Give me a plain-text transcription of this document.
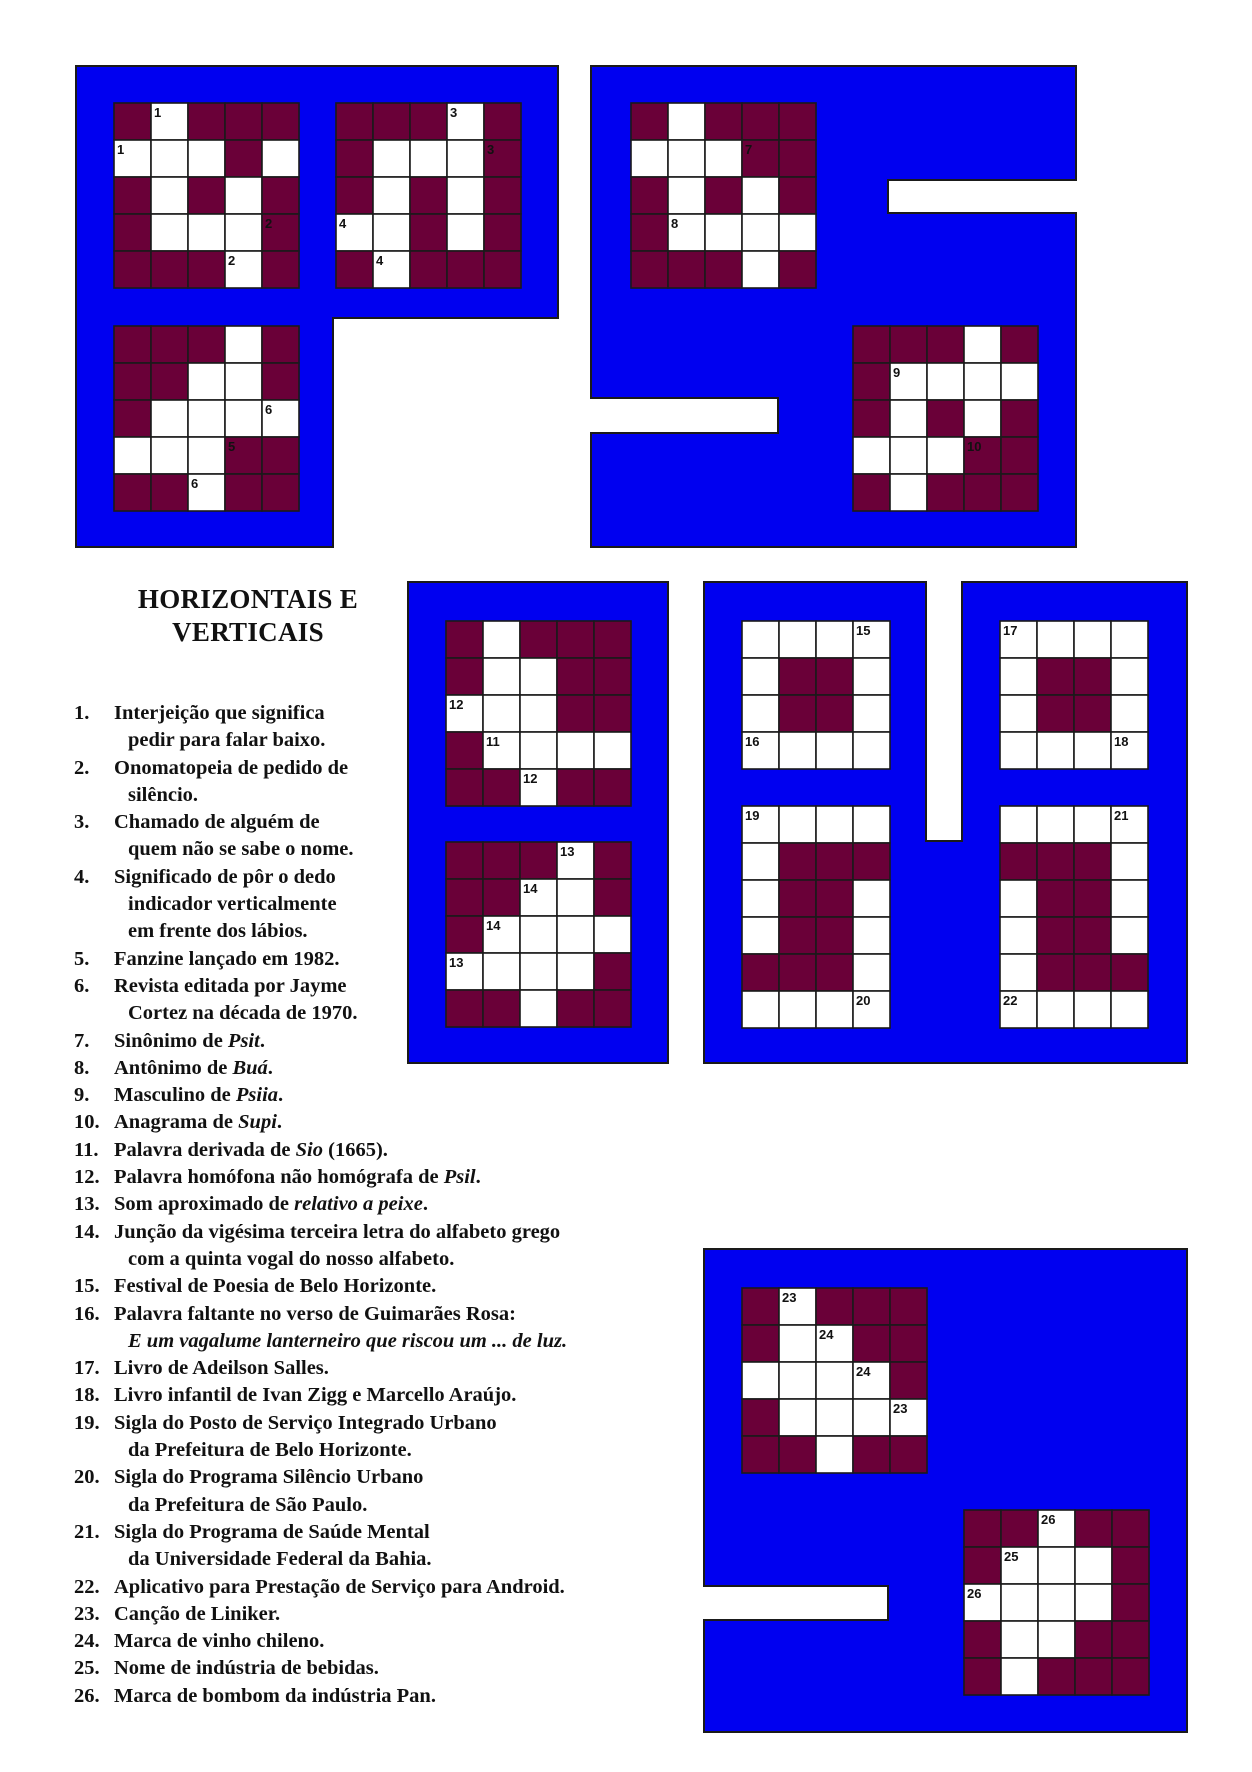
1
1
2
2
3
3
4
4
6
5
6
7
8
9
10
12
11
12
13
14
14
13
15
16
17
18
19
20
21
22
23
24
24
23
26
25
26
HORIZONTAIS E
VERTICAIS
1. Interjeição que significa
pedir para falar baixo.
2. Onomatopeia de pedido de
silêncio.
3. Chamado de alguém de
quem não se sabe o nome.
4. Significado de pôr o dedo
indicador verticalmente
em frente dos lábios.
5. Fanzine lançado em 1982.
6. Revista editada por Jayme
Cortez na década de 1970.
7. Sinônimo de Psit.
8. Antônimo de Buá.
9. Masculino de Psiia.
10. Anagrama de Supi.
11. Palavra derivada de Sio (1665).
12. Palavra homófona não homógrafa de Psil.
13. Som aproximado de relativo a peixe.
14. Junção da vigésima terceira letra do alfabeto grego
com a quinta vogal do nosso alfabeto.
15. Festival de Poesia de Belo Horizonte.
16. Palavra faltante no verso de Guimarães Rosa:
E um vagalume lanterneiro que riscou um ... de luz.
17. Livro de Adeilson Salles.
18. Livro infantil de Ivan Zigg e Marcello Araújo.
19. Sigla do Posto de Serviço Integrado Urbano
da Prefeitura de Belo Horizonte.
20. Sigla do Programa Silêncio Urbano
da Prefeitura de São Paulo.
21. Sigla do Programa de Saúde Mental
da Universidade Federal da Bahia.
22. Aplicativo para Prestação de Serviço para Android.
23. Canção de Liniker.
24. Marca de vinho chileno.
25. Nome de indústria de bebidas.
26. Marca de bombom da indústria Pan.
